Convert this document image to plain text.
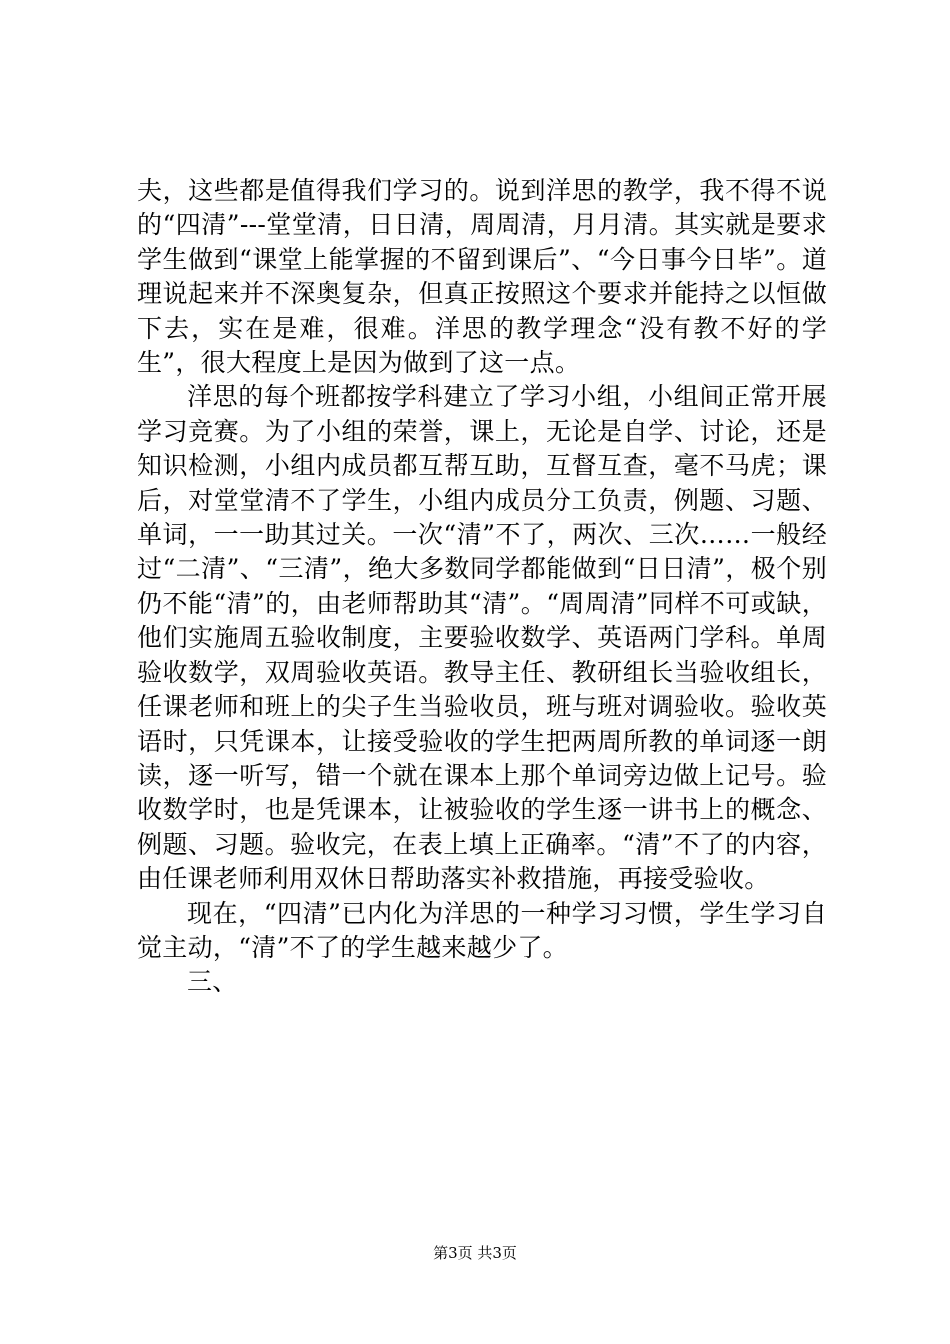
夫，这些都是值得我们学习的。说到洋思的教学，我不得不说的“四清”---堂堂清，日日清，周周清，月月清。其实就是要求学生做到“课堂上能掌握的不留到课后”、“今日事今日毕”。道理说起来并不深奥复杂，但真正按照这个要求并能持之以恒做下去，实在是难，很难。洋思的教学理念“没有教不好的学生”，很大程度上是因为做到了这一点。

洋思的每个班都按学科建立了学习小组，小组间正常开展学习竞赛。为了小组的荣誉，课上，无论是自学、讨论，还是知识检测，小组内成员都互帮互助，互督互查，毫不马虎；课后，对堂堂清不了学生，小组内成员分工负责，例题、习题、单词，一一助其过关。一次“清”不了，两次、三次……一般经过“二清”、“三清”，绝大多数同学都能做到“日日清”，极个别仍不能“清”的，由老师帮助其“清”。“周周清”同样不可或缺，他们实施周五验收制度，主要验收数学、英语两门学科。单周验收数学，双周验收英语。教导主任、教研组长当验收组长，任课老师和班上的尖子生当验收员，班与班对调验收。验收英语时，只凭课本，让接受验收的学生把两周所教的单词逐一朗读，逐一听写，错一个就在课本上那个单词旁边做上记号。验收数学时，也是凭课本，让被验收的学生逐一讲书上的概念、例题、习题。验收完，在表上填上正确率。“清”不了的内容，由任课老师利用双休日帮助落实补救措施，再接受验收。

现在，“四清”已内化为洋思的一种学习习惯，学生学习自觉主动，“清”不了的学生越来越少了。

三、

第3页 共3页
